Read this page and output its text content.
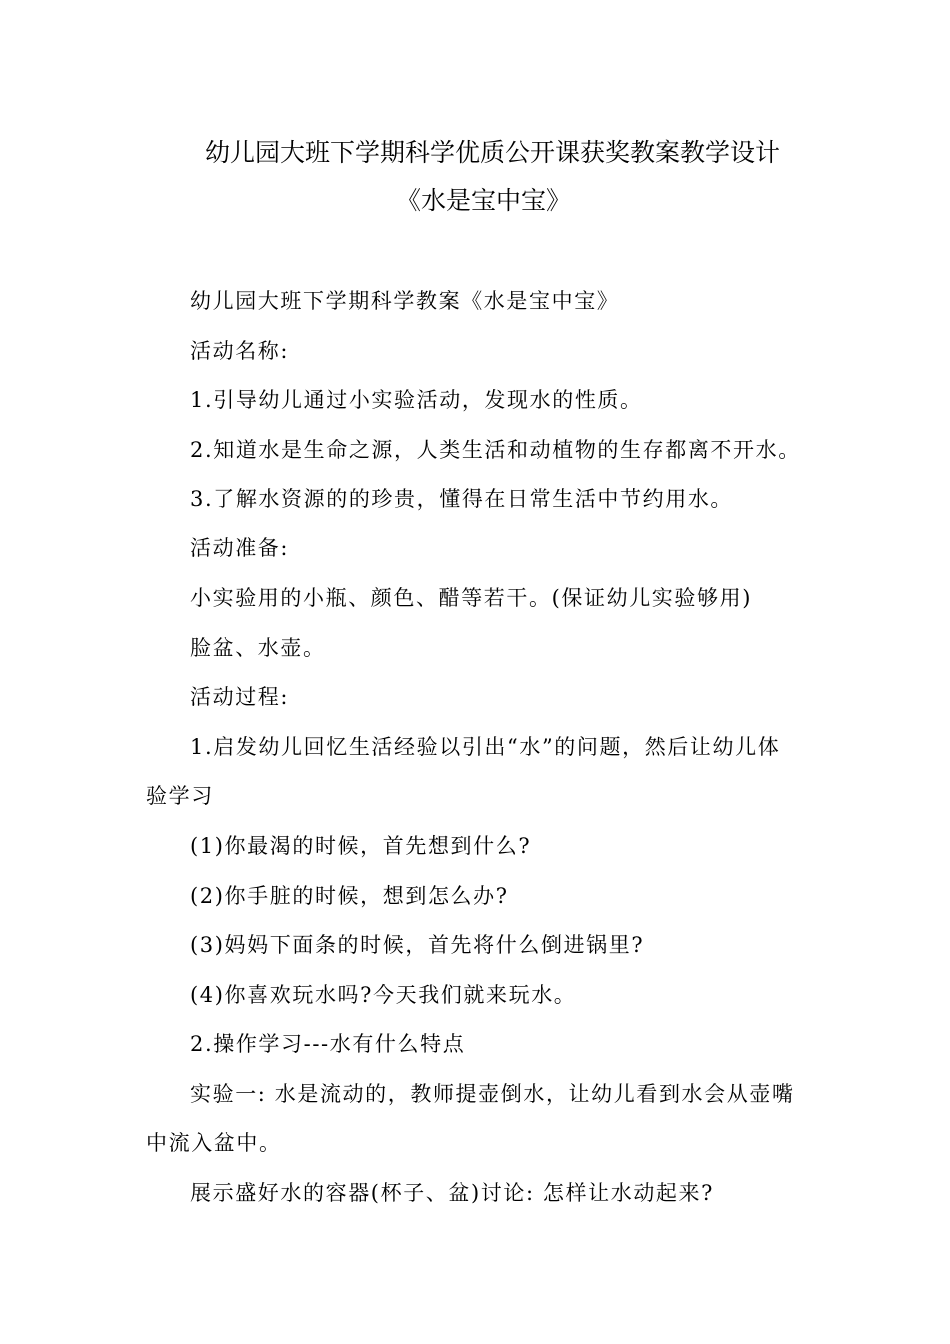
幼儿园大班下学期科学优质公开课获奖教案教学设计
《水是宝中宝》

幼儿园大班下学期科学教案《水是宝中宝》

活动名称:

1.引导幼儿通过小实验活动，发现水的性质。

2.知道水是生命之源，人类生活和动植物的生存都离不开水。

3.了解水资源的的珍贵，懂得在日常生活中节约用水。

活动准备:

小实验用的小瓶、颜色、醋等若干。(保证幼儿实验够用)

脸盆、水壶。

活动过程:

1.启发幼儿回忆生活经验以引出“水”的问题，然后让幼儿体

验学习

(1)你最渴的时候，首先想到什么?

(2)你手脏的时候，想到怎么办?

(3)妈妈下面条的时候，首先将什么倒进锅里?

(4)你喜欢玩水吗?今天我们就来玩水。

2.操作学习---水有什么特点

实验一: 水是流动的，教师提壶倒水，让幼儿看到水会从壶嘴

中流入盆中。

展示盛好水的容器(杯子、盆)讨论: 怎样让水动起来?
